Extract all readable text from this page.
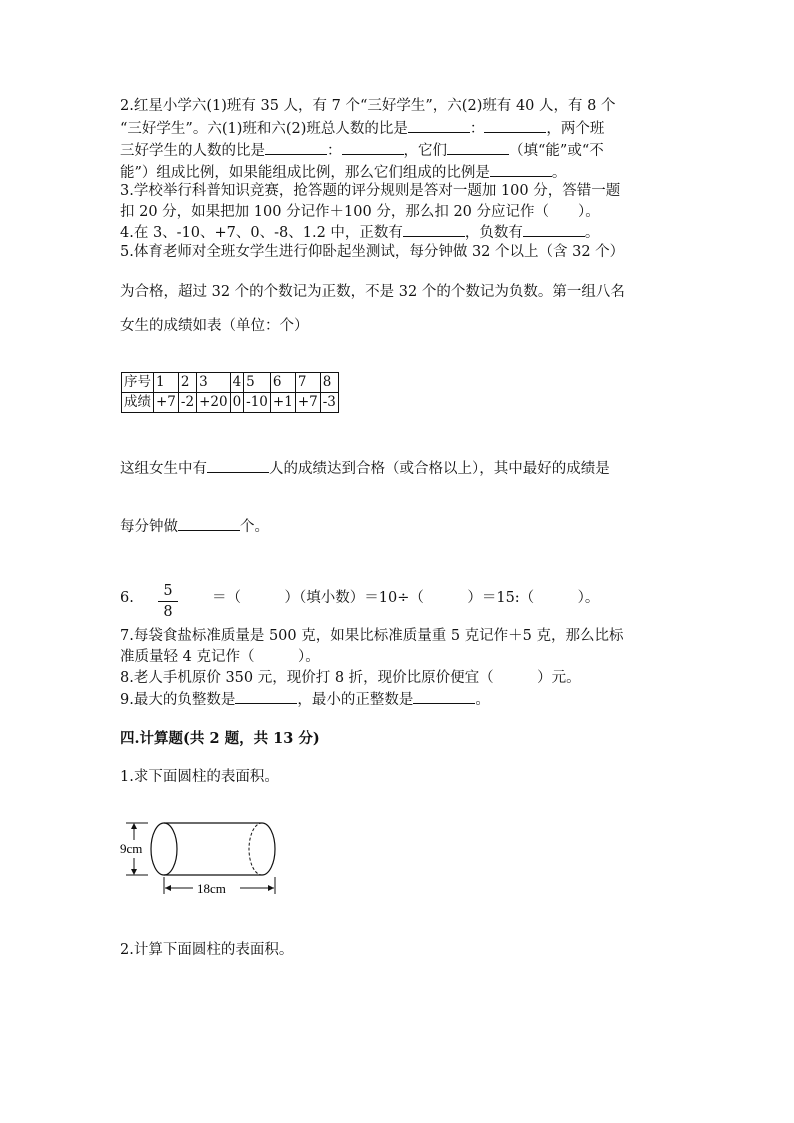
2.红星小学六(1)班有 35 人，有 7 个“三好学生”，六(2)班有 40 人，有 8 个
“三好学生”。六(1)班和六(2)班总人数的比是	：	，两个班
三好学生的人数的比是	：	，它们	（填“能”或“不
能”）组成比例，如果能组成比例，那么它们组成的比例是	。
3.学校举行科普知识竞赛，抢答题的评分规则是答对一题加 100 分，答错一题
扣 20 分，如果把加 100 分记作＋100 分，那么扣 20 分应记作（　　）。
4.在 3、-10、+7、0、-8、1.2 中，正数有	，负数有	。
5.体育老师对全班女学生进行仰卧起坐测试，每分钟做 32 个以上（含 32 个）
为合格，超过 32 个的个数记为正数，不是 32 个的个数记为负数。第一组八名
女生的成绩如表（单位：个）
序号	1	2	3	4	5	6	7	8
成绩	+7	-2	+20	0	-10	+1	+7	-3
这组女生中有	人的成绩达到合格（或合格以上），其中最好的成绩是
每分钟做	个。
6.	5
8
＝（　　　）（填小数）＝10÷（　　　）＝15:（　　　）。
7.每袋食盐标准质量是 500 克，如果比标准质量重 5 克记作＋5 克，那么比标
准质量轻 4 克记作（　　　）。
8.老人手机原价 350 元，现价打 8 折，现价比原价便宜（　　　）元。
9.最大的负整数是	，最小的正整数是	。
四.计算题(共 2 题，共 13 分)
1.求下面圆柱的表面积。
9cm
18cm
2.计算下面圆柱的表面积。
